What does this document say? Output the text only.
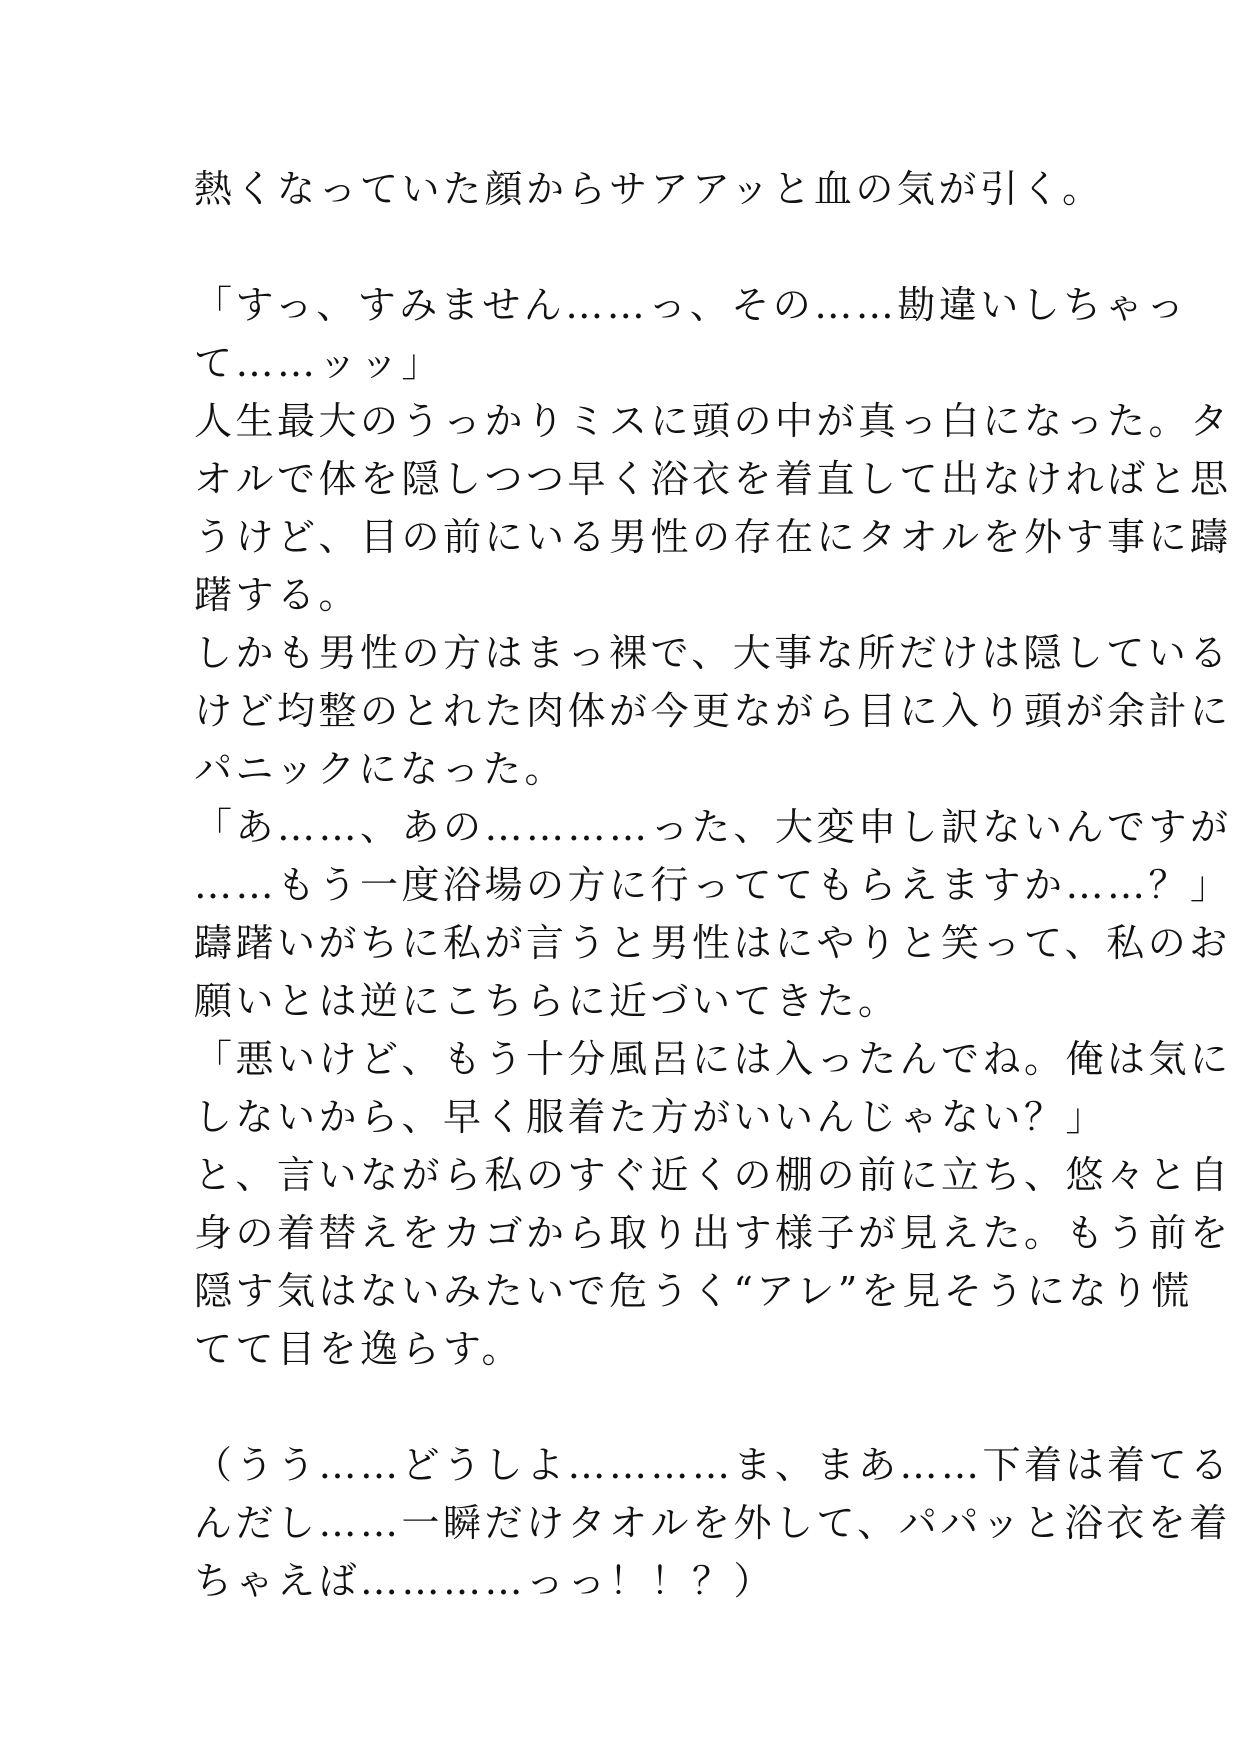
熱くなっていた顔からサアアッと血の気が引く。
「すっ、すみません……っ、その……勘違いしちゃっ
て……ッッ」
人生最大のうっかりミスに頭の中が真っ白になった。タ
オルで体を隠しつつ早く浴衣を着直して出なければと思
うけど、目の前にいる男性の存在にタオルを外す事に躊
躇する。
しかも男性の方はまっ裸で、大事な所だけは隠している
けど均整のとれた肉体が今更ながら目に入り頭が余計に
パニックになった。
「あ……、あの…………った、大変申し訳ないんですが
……もう一度浴場の方に行っててもらえますか……？」
躊躇いがちに私が言うと男性はにやりと笑って、私のお
願いとは逆にこちらに近づいてきた。
「悪いけど、もう十分風呂には入ったんでね。俺は気に
しないから、早く服着た方がいいんじゃない？」
と、言いながら私のすぐ近くの棚の前に立ち、悠々と自
身の着替えをカゴから取り出す様子が見えた。もう前を
隠す気はないみたいで危うく“アレ”を見そうになり慌
てて目を逸らす。
（うう……どうしよ…………ま、まあ……下着は着てる
んだし……一瞬だけタオルを外して、パパッと浴衣を着
ちゃえば…………っっ！！？）
